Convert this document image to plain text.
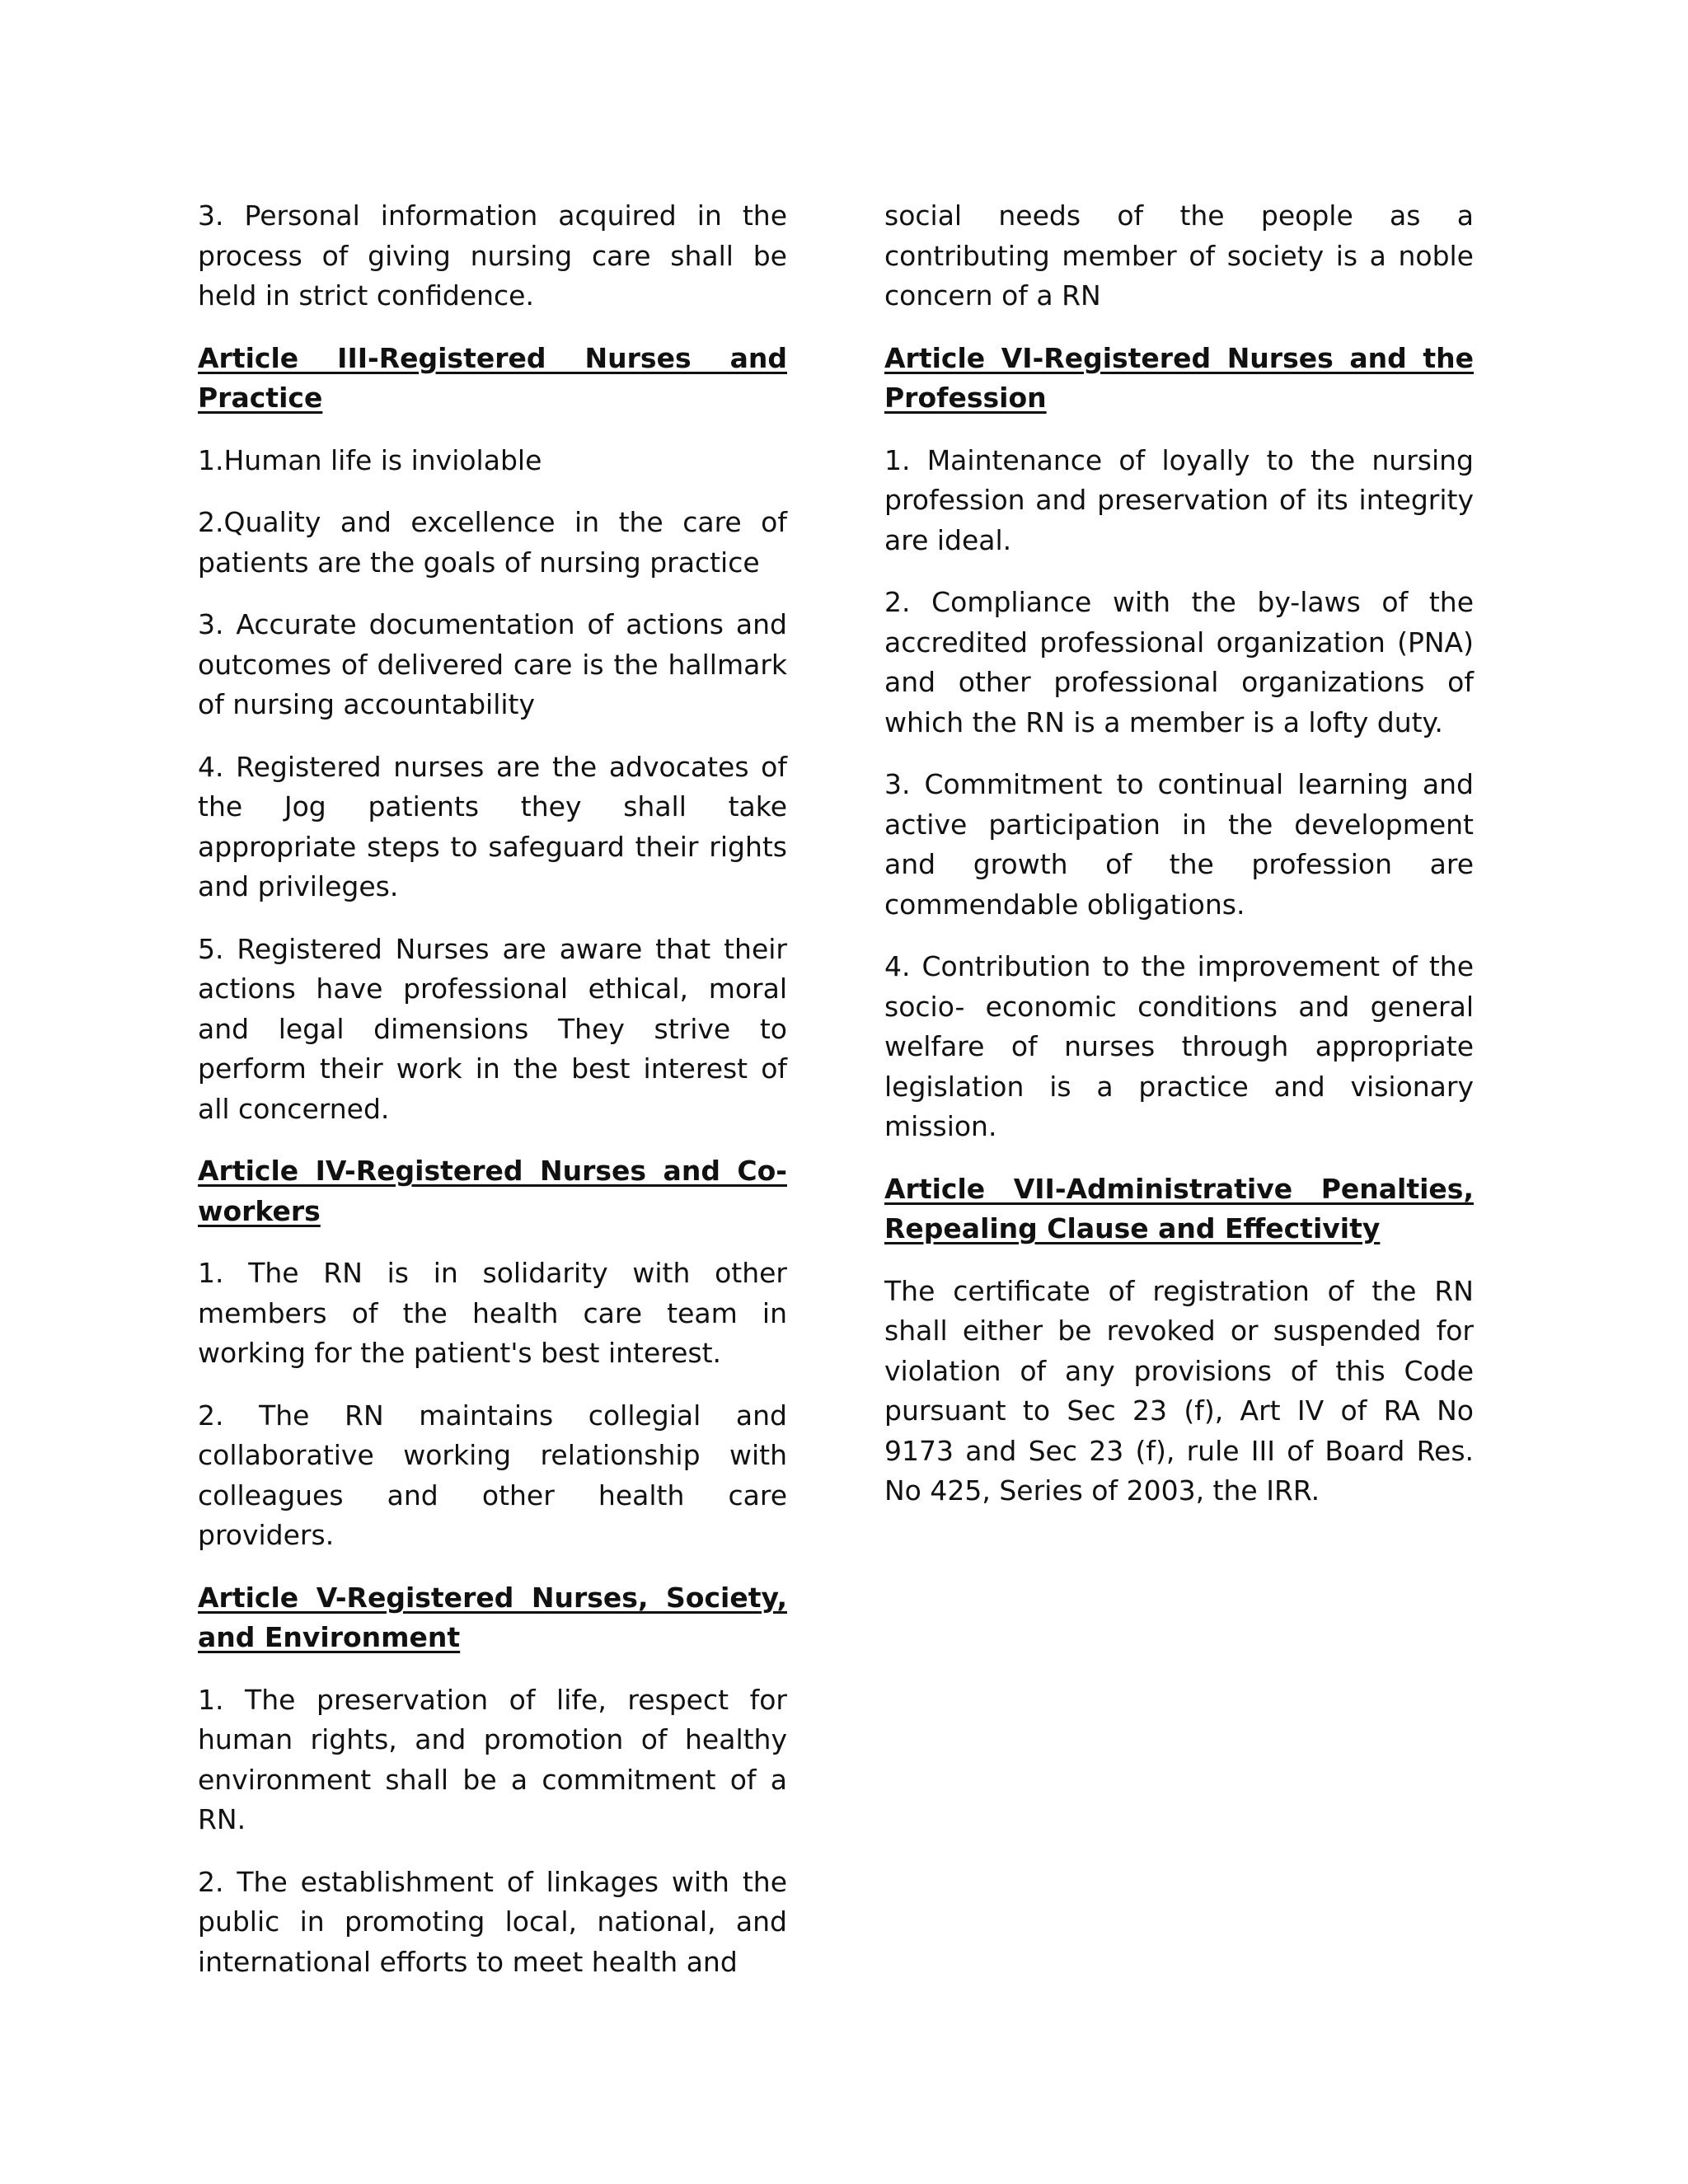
3. Personal information acquired in the process of giving nursing care shall be held in strict confidence.

Article III-Registered Nurses and Practice

1.Human life is inviolable

2.Quality and excellence in the care of patients are the goals of nursing practice

3. Accurate documentation of actions and outcomes of delivered care is the hallmark of nursing accountability

4. Registered nurses are the advocates of the Jog patients they shall take appropriate steps to safeguard their rights and privileges.

5. Registered Nurses are aware that their actions have professional ethical, moral and legal dimensions They strive to perform their work in the best interest of all concerned.

Article IV-Registered Nurses and Co-workers

1. The RN is in solidarity with other members of the health care team in working for the patient's best interest.

2. The RN maintains collegial and collaborative working relationship with colleagues and other health care providers.

Article V-Registered Nurses, Society, and Environment

1. The preservation of life, respect for human rights, and promotion of healthy environment shall be a commitment of a RN.

2. The establishment of linkages with the public in promoting local, national, and international efforts to meet health and

social needs of the people as a contributing member of society is a noble concern of a RN

Article VI-Registered Nurses and the Profession

1. Maintenance of loyally to the nursing profession and preservation of its integrity are ideal.

2. Compliance with the by-laws of the accredited professional organization (PNA) and other professional organizations of which the RN is a member is a lofty duty.

3. Commitment to continual learning and active participation in the development and growth of the profession are commendable obligations.

4. Contribution to the improvement of the socio- economic conditions and general welfare of nurses through appropriate legislation is a practice and visionary mission.

Article VII-Administrative Penalties, Repealing Clause and Effectivity

The certificate of registration of the RN shall either be revoked or suspended for violation of any provisions of this Code pursuant to Sec 23 (f), Art IV of RA No 9173 and Sec 23 (f), rule III of Board Res. No 425, Series of 2003, the IRR.
